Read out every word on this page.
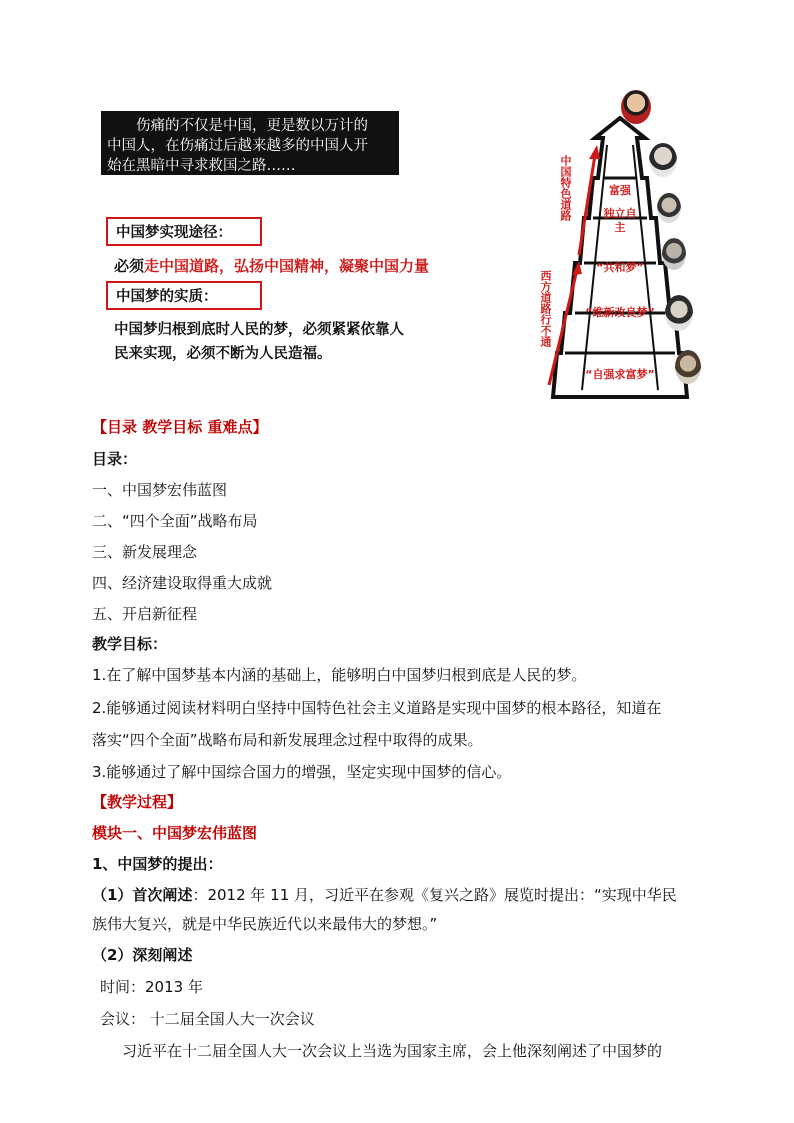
　　伤痛的不仅是中国，更是数以万计的

中国人，在伤痛过后越来越多的中国人开

始在黑暗中寻求救国之路……

中国梦实现途径：
必须走中国道路，弘扬中国精神，凝聚中国力量
中国梦的实质：
中国梦归根到底时人民的梦，必须紧紧依靠人
民来实现，必须不断为人民造福。
富强
独立自主
“共和梦”
“维新改良梦”
“自强求富梦”
中国特色道路
西方道路行不通
【目录 教学目标 重难点】
目录：
一、中国梦宏伟蓝图
二、“四个全面”战略布局
三、新发展理念
四、经济建设取得重大成就
五、开启新征程
教学目标：
1.在了解中国梦基本内涵的基础上，能够明白中国梦归根到底是人民的梦。
2.能够通过阅读材料明白坚持中国特色社会主义道路是实现中国梦的根本路径，知道在
落实“四个全面”战略布局和新发展理念过程中取得的成果。
3.能够通过了解中国综合国力的增强，坚定实现中国梦的信心。
【教学过程】
模块一、中国梦宏伟蓝图
1、中国梦的提出：
（1）首次阐述：2012 年 11 月，习近平在参观《复兴之路》展览时提出：“实现中华民
族伟大复兴，就是中华民族近代以来最伟大的梦想。”
（2）深刻阐述
时间：2013 年
会议： 十二届全国人大一次会议
习近平在十二届全国人大一次会议上当选为国家主席，会上他深刻阐述了中国梦的
